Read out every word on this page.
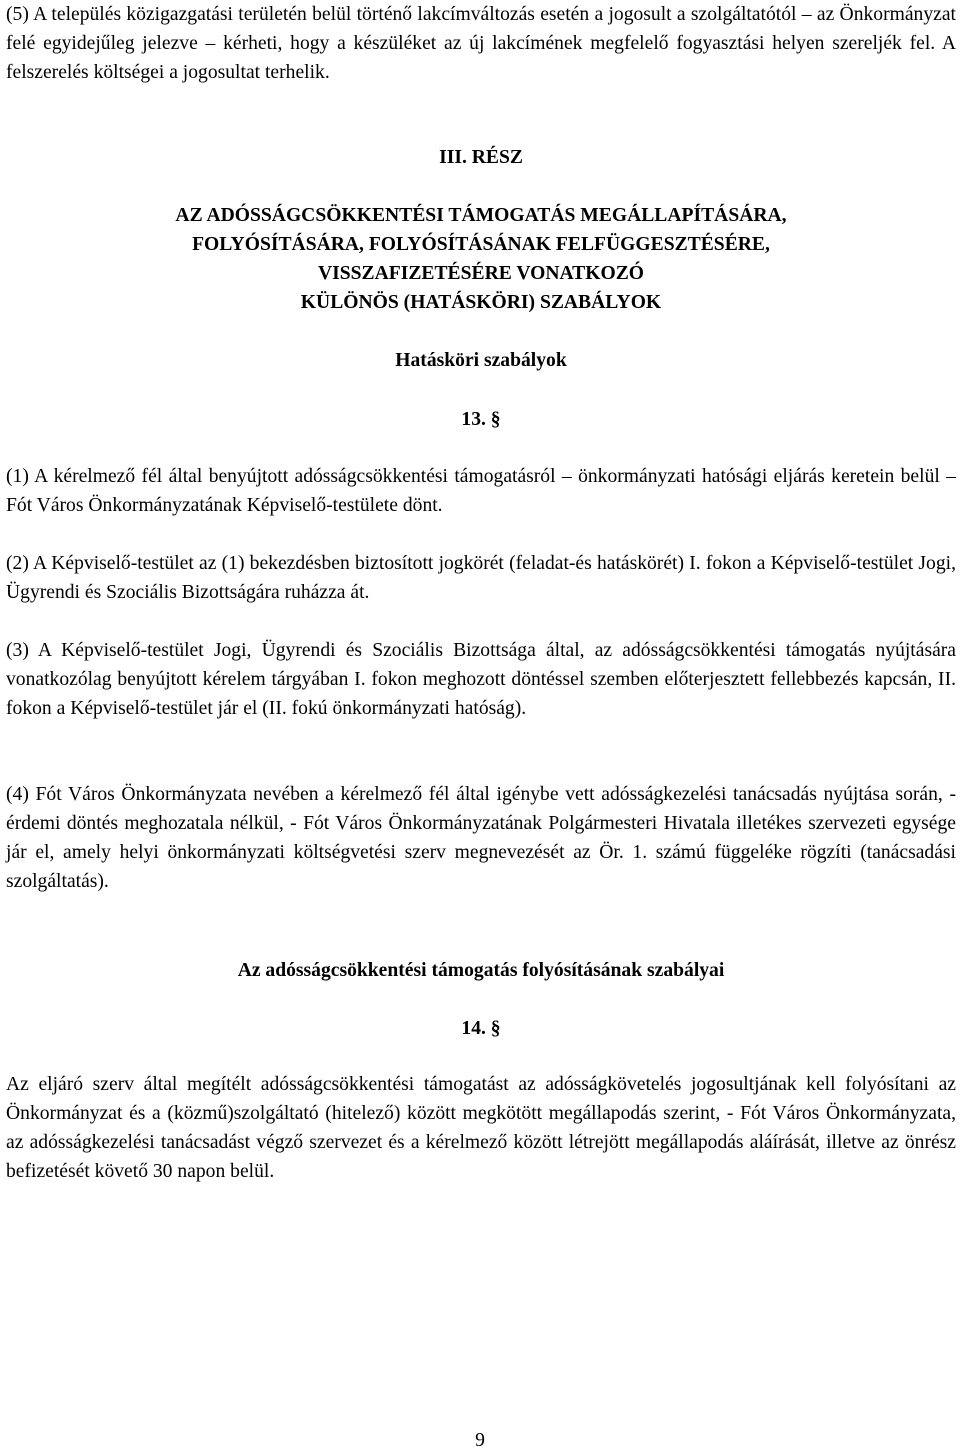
(5) A település közigazgatási területén belül történő lakcímváltozás esetén a jogosult a szolgáltatótól – az Önkormányzat felé egyidejűleg jelezve – kérheti, hogy a készüléket az új lakcímének megfelelő fogyasztási helyen szereljék fel. A felszerelés költségei a jogosultat terhelik.

III. RÉSZ

AZ ADÓSSÁGCSÖKKENTÉSI TÁMOGATÁS MEGÁLLAPÍTÁSÁRA,

FOLYÓSÍTÁSÁRA, FOLYÓSÍTÁSÁNAK FELFÜGGESZTÉSÉRE,

VISSZAFIZETÉSÉRE VONATKOZÓ

KÜLÖNÖS (HATÁSKÖRI) SZABÁLYOK

Hatásköri szabályok

13. §

(1) A kérelmező fél által benyújtott adósságcsökkentési támogatásról – önkormányzati hatósági eljárás keretein belül – Fót Város Önkormányzatának Képviselő-testülete dönt.

(2) A Képviselő-testület az (1) bekezdésben biztosított jogkörét (feladat-és hatáskörét) I. fokon a Képviselő-testület Jogi, Ügyrendi és Szociális Bizottságára ruházza át.

(3) A Képviselő-testület Jogi, Ügyrendi és Szociális Bizottsága által, az adósságcsökkentési támogatás nyújtására vonatkozólag benyújtott kérelem tárgyában I. fokon meghozott döntéssel szemben előterjesztett fellebbezés kapcsán, II. fokon a Képviselő-testület jár el (II. fokú önkormányzati hatóság).

(4) Fót Város Önkormányzata nevében a kérelmező fél által igénybe vett adósságkezelési tanácsadás nyújtása során, - érdemi döntés meghozatala nélkül, - Fót Város Önkormányzatának Polgármesteri Hivatala illetékes szervezeti egysége jár el, amely helyi önkormányzati költségvetési szerv megnevezését az Ör. 1. számú függeléke rögzíti (tanácsadási szolgáltatás).

Az adósságcsökkentési támogatás folyósításának szabályai

14. §

Az eljáró szerv által megítélt adósságcsökkentési támogatást az adósságkövetelés jogosultjának kell folyósítani az Önkormányzat és a (közmű)szolgáltató (hitelező) között megkötött megállapodás szerint, - Fót Város Önkormányzata, az adósságkezelési tanácsadást végző szervezet és a kérelmező között létrejött megállapodás aláírását, illetve az önrész befizetését követő 30 napon belül.

9
